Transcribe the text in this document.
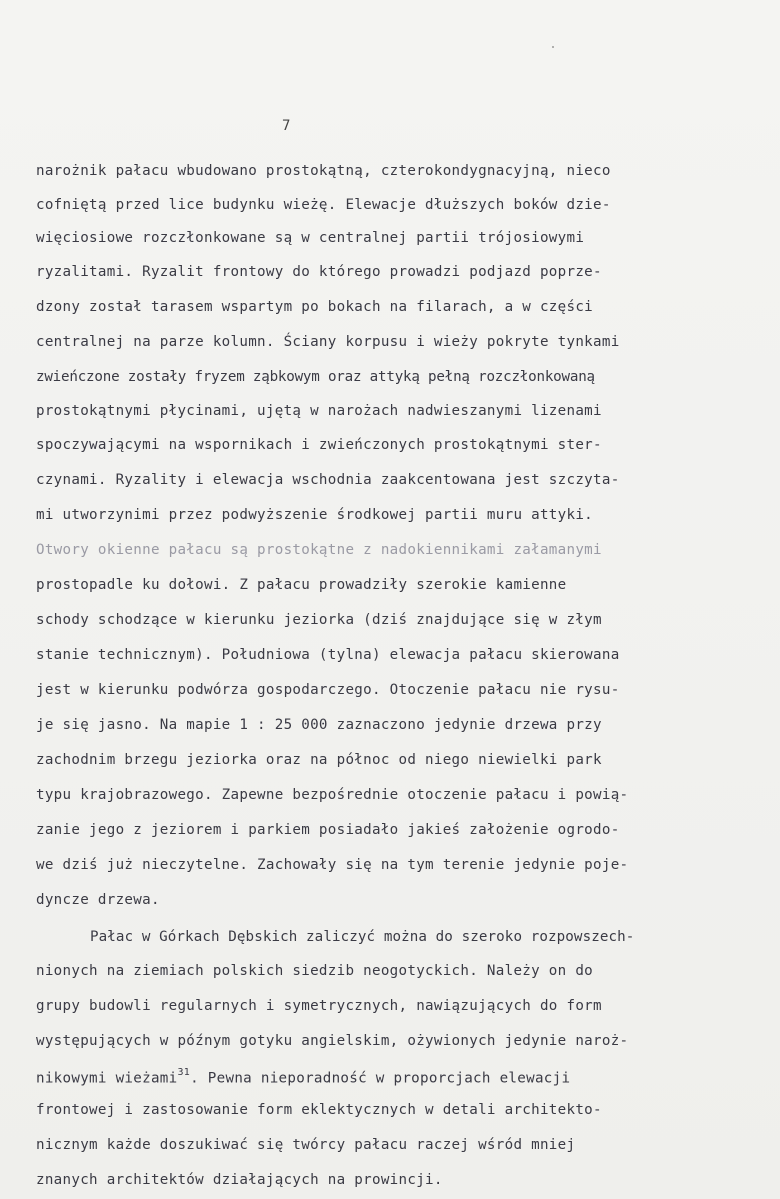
7
narożnik pałacu wbudowano prostokątną, czterokondygnacyjną, nieco
cofniętą przed lice budynku wieżę. Elewacje dłuższych boków dzie-
więciosiowe rozczłonkowane są w centralnej partii trójosiowymi
ryzalitami. Ryzalit frontowy do którego prowadzi podjazd poprze-
dzony został tarasem wspartym po bokach na filarach, a w części
centralnej na parze kolumn. Ściany korpusu i wieży pokryte tynkami
zwieńczone zostały fryzem ząbkowym oraz attyką pełną rozczłonkowaną
prostokątnymi płycinami, ujętą w narożach nadwieszanymi lizenami
spoczywającymi na wspornikach i zwieńczonych prostokątnymi ster-
czynami. Ryzality i elewacja wschodnia zaakcentowana jest szczyta-
mi utworzynimi przez podwyższenie środkowej partii muru attyki.
Otwory okienne pałacu są prostokątne z nadokiennikami załamanymi
prostopadle ku dołowi. Z pałacu prowadziły szerokie kamienne
schody schodzące w kierunku jeziorka (dziś znajdujące się w złym
stanie technicznym). Południowa (tylna) elewacja pałacu skierowana
jest w kierunku podwórza gospodarczego. Otoczenie pałacu nie rysu-
je się jasno. Na mapie 1 : 25 000 zaznaczono jedynie drzewa przy
zachodnim brzegu jeziorka oraz na północ od niego niewielki park
typu krajobrazowego. Zapewne bezpośrednie otoczenie pałacu i powią-
zanie jego z jeziorem i parkiem posiadało jakieś założenie ogrodo-
we dziś już nieczytelne. Zachowały się na tym terenie jedynie poje-
dyncze drzewa.
Pałac w Górkach Dębskich zaliczyć można do szeroko rozpowszech-
nionych na ziemiach polskich siedzib neogotyckich. Należy on do
grupy budowli regularnych i symetrycznych, nawiązujących do form
występujących w późnym gotyku angielskim, ożywionych jedynie naroż-
nikowymi wieżami$^{31}$. Pewna nieporadność w proporcjach elewacji
frontowej i zastosowanie form eklektycznych w detali architekto-
nicznym każde doszukiwać się twórcy pałacu raczej wśród mniej
znanych architektów działających na prowincji.
